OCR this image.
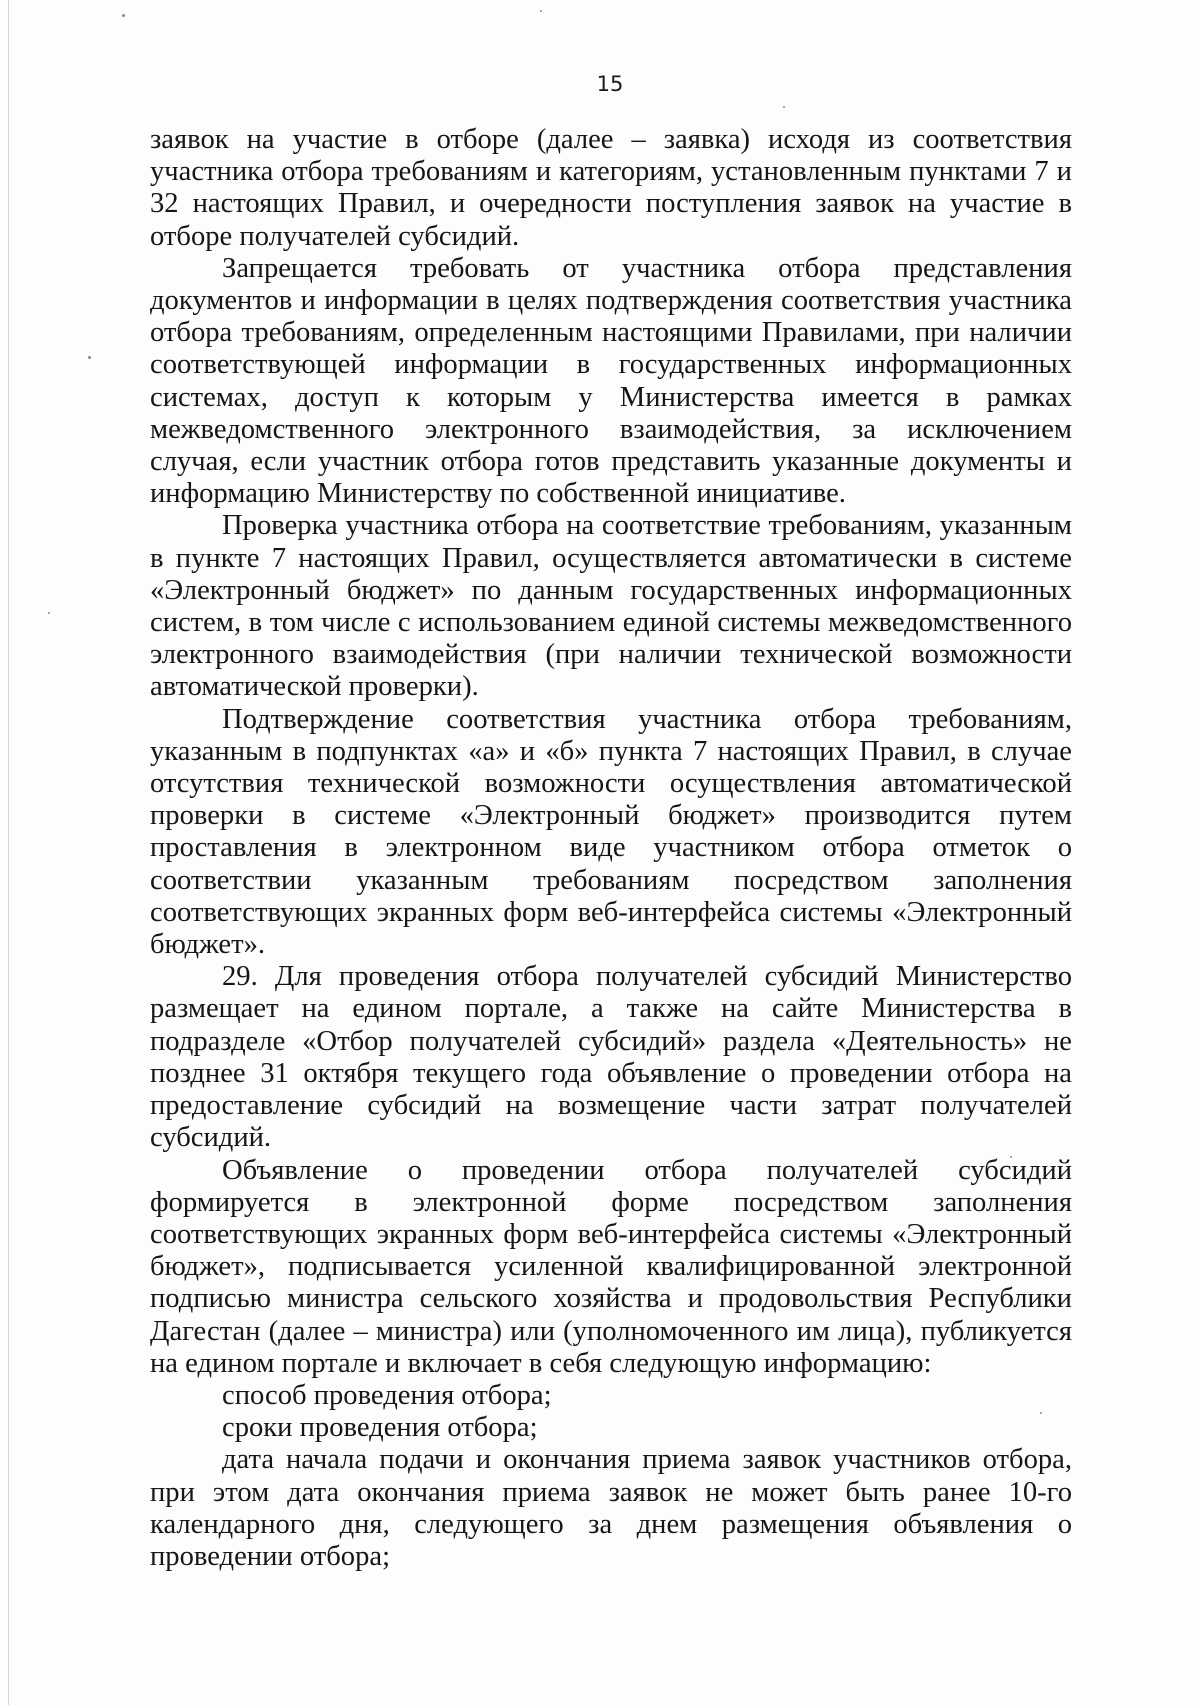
15

заявок на участие в отборе (далее – заявка) исходя из соответствия участника отбора требованиям и категориям, установленным пунктами 7 и 32 настоящих Правил, и очередности поступления заявок на участие в отборе получателей субсидий.

Запрещается требовать от участника отбора представления документов и информации в целях подтверждения соответствия участника отбора требованиям, определенным настоящими Правилами, при наличии соответствующей информации в государственных информационных системах, доступ к которым у Министерства имеется в рамках межведомственного электронного взаимодействия, за исключением случая, если участник отбора готов представить указанные документы и информацию Министерству по собственной инициативе.

Проверка участника отбора на соответствие требованиям, указанным в пункте 7 настоящих Правил, осуществляется автоматически в системе «Электронный бюджет» по данным государственных информационных систем, в том числе с использованием единой системы межведомственного электронного взаимодействия (при наличии технической возможности автоматической проверки).

Подтверждение соответствия участника отбора требованиям, указанным в подпунктах «а» и «б» пункта 7 настоящих Правил, в случае отсутствия технической возможности осуществления автоматической проверки в системе «Электронный бюджет» производится путем проставления в электронном виде участником отбора отметок о соответствии указанным требованиям посредством заполнения соответствующих экранных форм веб-интерфейса системы «Электронный бюджет».

29. Для проведения отбора получателей субсидий Министерство размещает на едином портале, а также на сайте Министерства в подразделе «Отбор получателей субсидий» раздела «Деятельность» не позднее 31 октября текущего года объявление о проведении отбора на предоставление субсидий на возмещение части затрат получателей субсидий.

Объявление о проведении отбора получателей субсидий формируется в электронной форме посредством заполнения соответствующих экранных форм веб-интерфейса системы «Электронный бюджет», подписывается усиленной квалифицированной электронной подписью министра сельского хозяйства и продовольствия Республики Дагестан (далее – министра) или (уполномоченного им лица), публикуется на едином портале и включает в себя следующую информацию:

способ проведения отбора;

сроки проведения отбора;

дата начала подачи и окончания приема заявок участников отбора, при этом дата окончания приема заявок не может быть ранее 10-го календарного дня, следующего за днем размещения объявления о проведении отбора;
